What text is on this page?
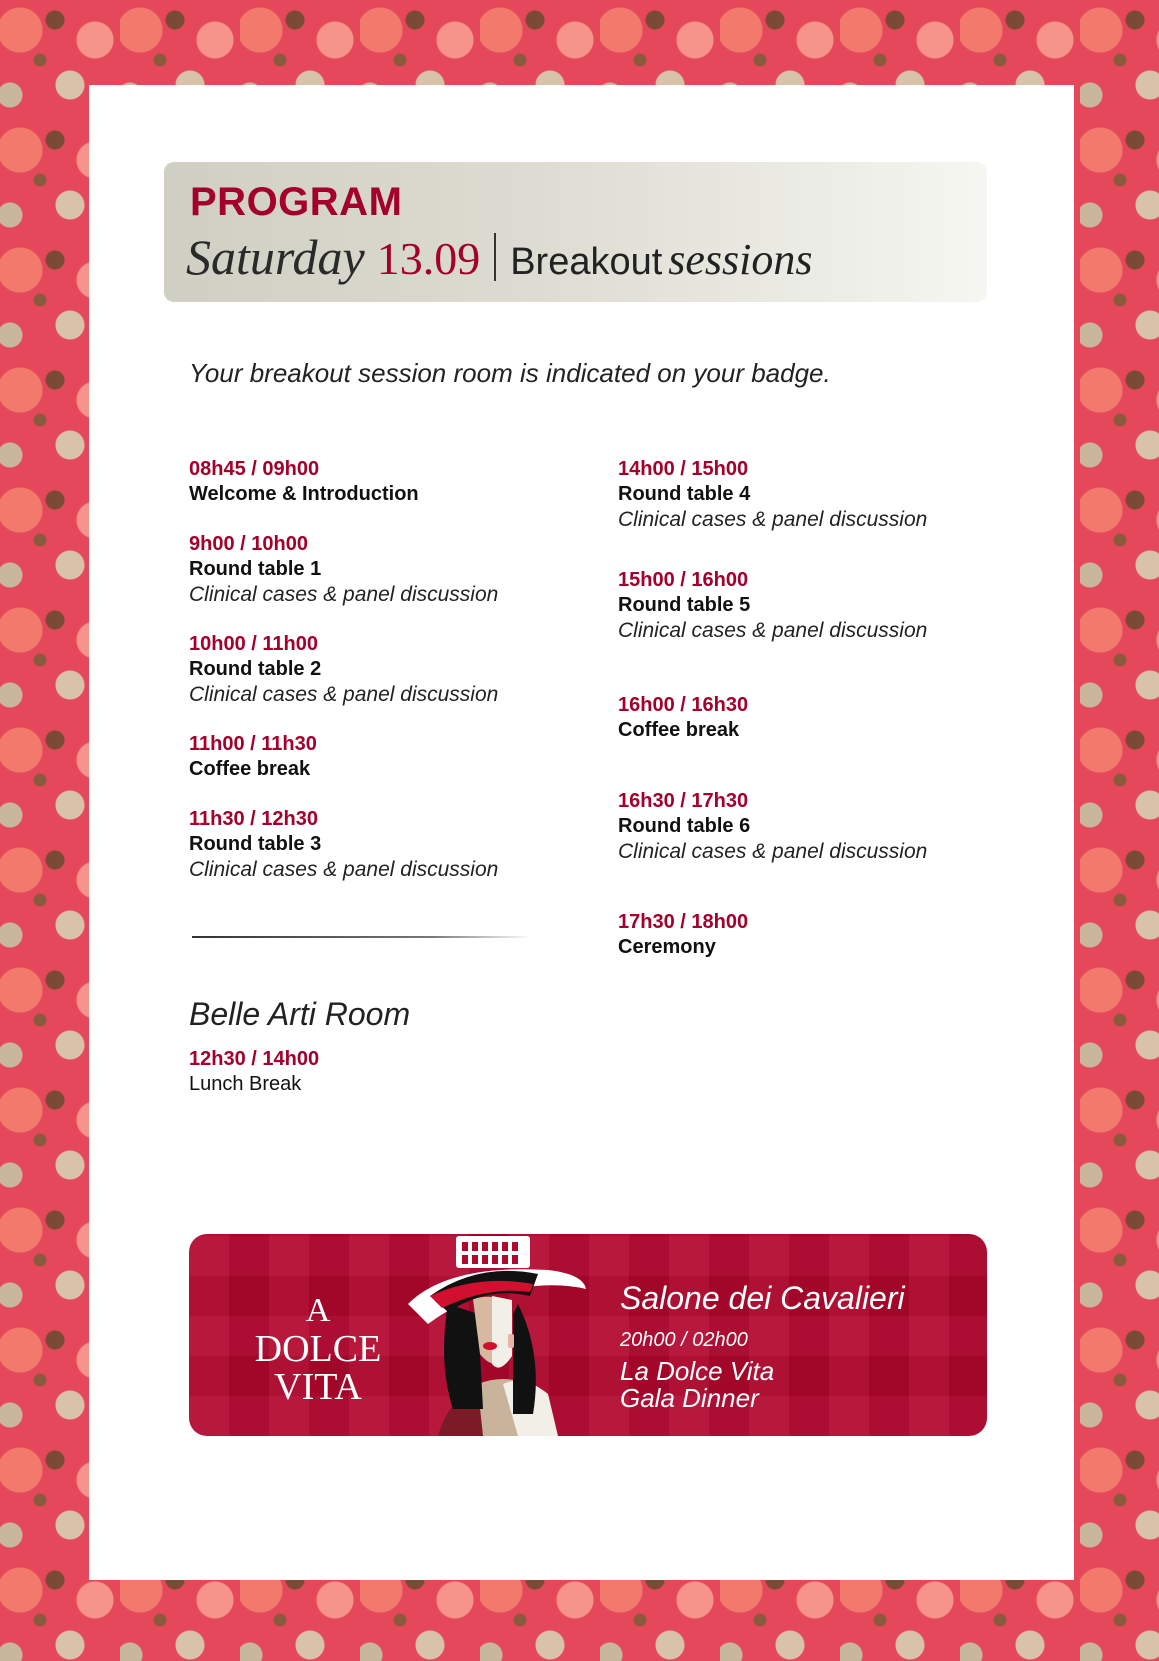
PROGRAM
Saturday 13.09 Breakout sessions
Your breakout session room is indicated on your badge.
08h45 / 09h00
Welcome & Introduction
9h00 / 10h00
Round table 1
Clinical cases & panel discussion
10h00 / 11h00
Round table 2
Clinical cases & panel discussion
11h00 / 11h30
Coffee break
11h30 / 12h30
Round table 3
Clinical cases & panel discussion
14h00 / 15h00
Round table 4
Clinical cases & panel discussion
15h00 / 16h00
Round table 5
Clinical cases & panel discussion
16h00 / 16h30
Coffee break
16h30 / 17h30
Round table 6
Clinical cases & panel discussion
17h30 / 18h00
Ceremony
Belle Arti Room
12h30 / 14h00
Lunch Break
A
DOLCE
VITA
Salone dei Cavalieri
20h00 / 02h00
La Dolce Vita
Gala Dinner
